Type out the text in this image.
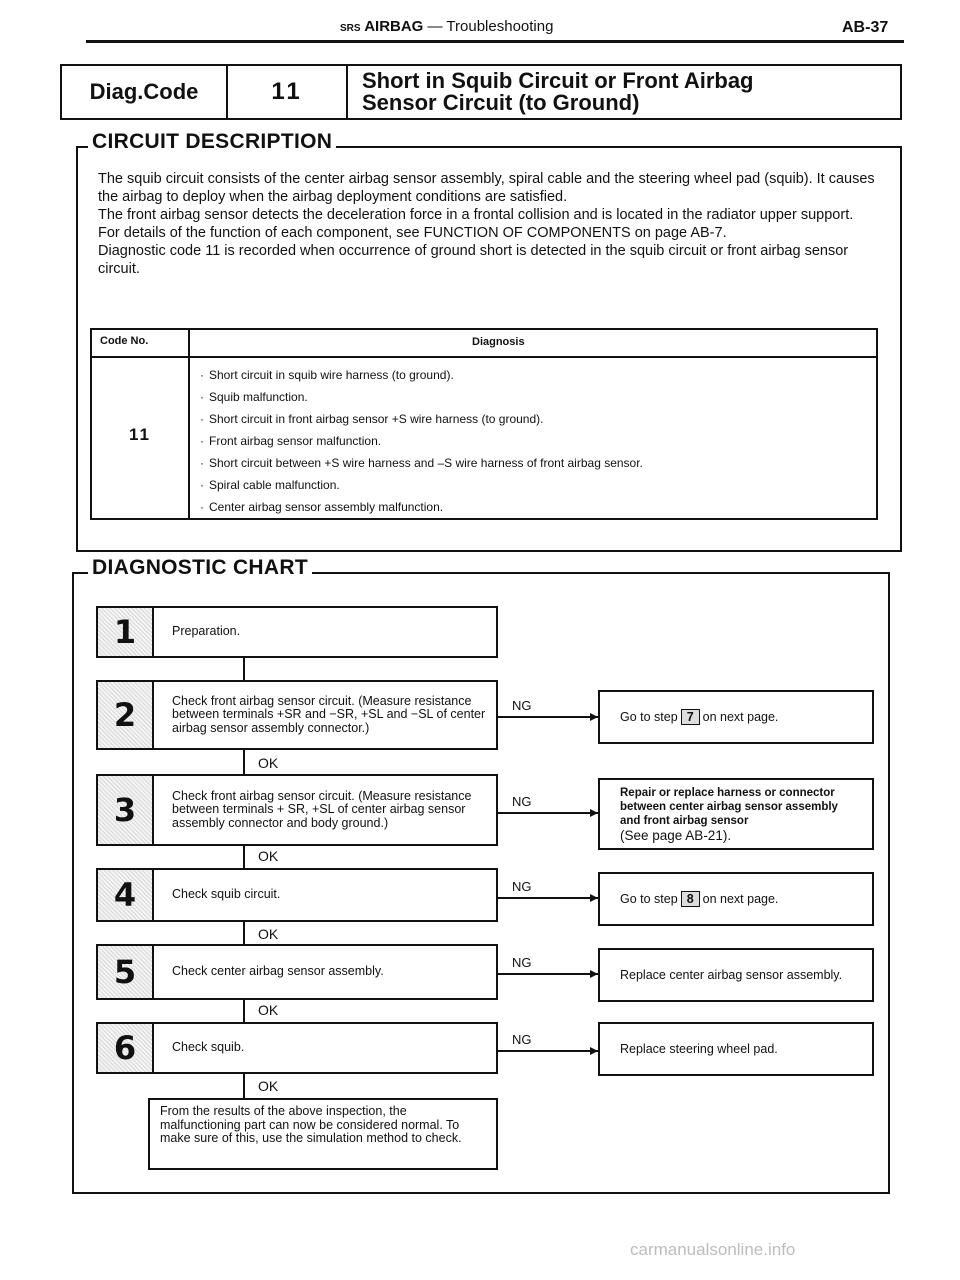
SRS AIRBAG — Troubleshooting	AB-37
Diag.Code	11	Short in Squib Circuit or Front Airbag
Sensor Circuit (to Ground)
CIRCUIT DESCRIPTION

The squib circuit consists of the center airbag sensor assembly, spiral cable and the steering wheel pad (squib). It causes the airbag to deploy when the airbag deployment conditions are satisfied.

The front airbag sensor detects the deceleration force in a frontal collision and is located in the radiator upper support.

For details of the function of each component, see FUNCTION OF COMPONENTS on page AB-7.

Diagnostic code 11 is recorded when occurrence of ground short is detected in the squib circuit or front airbag sensor circuit.

Code No.	Diagnosis
11
· Short circuit in squib wire harness (to ground).
· Squib malfunction.
· Short circuit in front airbag sensor +S wire harness (to ground).
· Front airbag sensor malfunction.
· Short circuit between +S wire harness and –S wire harness of front airbag sensor.
· Spiral cable malfunction.
· Center airbag sensor assembly malfunction.
DIAGNOSTIC CHART
OK
OK
OK
OK
OK
1	Preparation.
2	Check front airbag sensor circuit. (Measure resistance between terminals +SR and −SR, +SL and −SL of center airbag sensor assembly connector.)
3	Check front airbag sensor circuit. (Measure resistance between terminals + SR, +SL of center airbag sensor assembly connector and body ground.)
4	Check squib circuit.
5	Check center airbag sensor assembly.
6	Check squib.
NG
NG
NG
NG
NG
Go to step 7 on next page.
Repair or replace harness or connector between center airbag sensor assembly and front airbag sensor
(See page AB-21).
Go to step 8 on next page.
Replace center airbag sensor assembly.
Replace steering wheel pad.
From the results of the above inspection, the malfunctioning part can now be considered normal. To make sure of this, use the simulation method to check.
carmanualsonline.info
